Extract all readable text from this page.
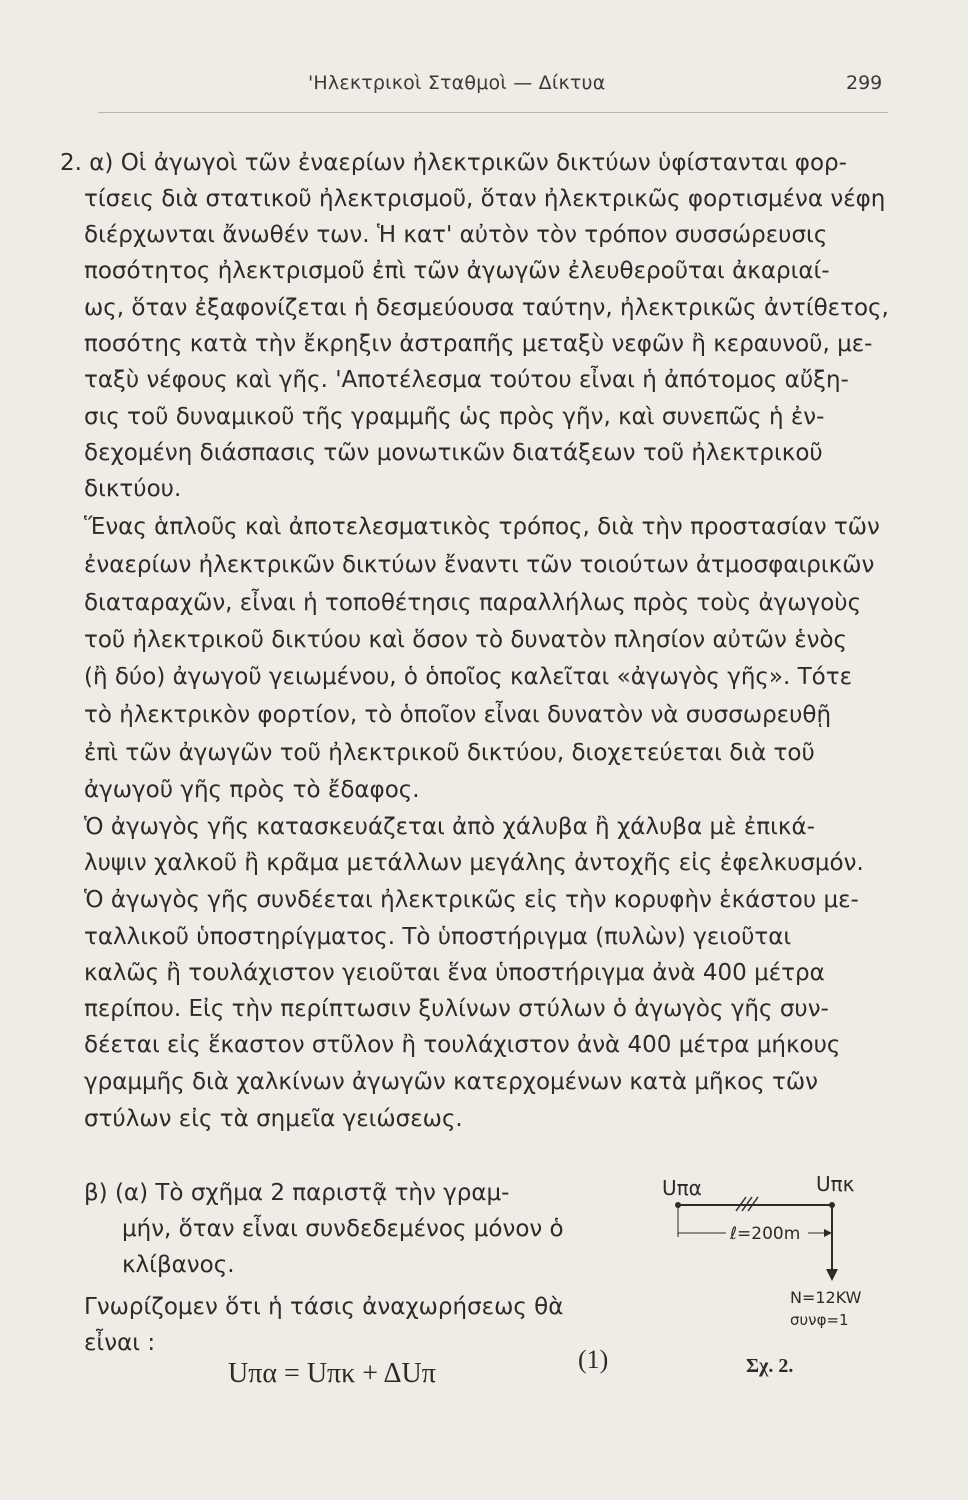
'Ηλεκτρικοὶ Σταθμοὶ — Δίκτυα	299
2. α) Οἱ ἀγωγοὶ τῶν ἐναερίων ἠλεκτρικῶν δικτύων ὑφίστανται φορ-
τίσεις διὰ στατικοῦ ἠλεκτρισμοῦ, ὅταν ἠλεκτρικῶς φορτισμένα νέφη
διέρχωνται ἄνωθέν των. Ἡ κατ' αὐτὸν τὸν τρόπον συσσώρευσις
ποσότητος ἠλεκτρισμοῦ ἐπὶ τῶν ἀγωγῶν ἐλευθεροῦται ἀκαριαί-
ως, ὅταν ἐξαφονίζεται ἡ δεσμεύουσα ταύτην, ἠλεκτρικῶς ἀντίθετος,
ποσότης κατὰ τὴν ἔκρηξιν ἀστραπῆς μεταξὺ νεφῶν ἢ κεραυνοῦ, με-
ταξὺ νέφους καὶ γῆς. 'Αποτέλεσμα τούτου εἶναι ἡ ἀπότομος αὔξη-
σις τοῦ δυναμικοῦ τῆς γραμμῆς ὡς πρὸς γῆν, καὶ συνεπῶς ἡ ἐν-
δεχομένη διάσπασις τῶν μονωτικῶν διατάξεων τοῦ ἠλεκτρικοῦ
δικτύου.
Ἕνας ἁπλοῦς καὶ ἀποτελεσματικὸς τρόπος, διὰ τὴν προστασίαν τῶν
ἐναερίων ἠλεκτρικῶν δικτύων ἔναντι τῶν τοιούτων ἀτμοσφαιρικῶν
διαταραχῶν, εἶναι ἡ τοποθέτησις παραλλήλως πρὸς τοὺς ἀγωγοὺς
τοῦ ἠλεκτρικοῦ δικτύου καὶ ὅσον τὸ δυνατὸν πλησίον αὐτῶν ἑνὸς
(ἢ δύο) ἀγωγοῦ γειωμένου, ὁ ὁποῖος καλεῖται «ἀγωγὸς γῆς». Τότε
τὸ ἠλεκτρικὸν φορτίον, τὸ ὁποῖον εἶναι δυνατὸν νὰ συσσωρευθῇ
ἐπὶ τῶν ἀγωγῶν τοῦ ἠλεκτρικοῦ δικτύου, διοχετεύεται διὰ τοῦ
ἀγωγοῦ γῆς πρὸς τὸ ἔδαφος.
Ὁ ἀγωγὸς γῆς κατασκευάζεται ἀπὸ χάλυβα ἢ χάλυβα μὲ ἐπικά-
λυψιν χαλκοῦ ἢ κρᾶμα μετάλλων μεγάλης ἀντοχῆς εἰς ἐφελκυσμόν.
Ὁ ἀγωγὸς γῆς συνδέεται ἠλεκτρικῶς εἰς τὴν κορυφὴν ἑκάστου με-
ταλλικοῦ ὑποστηρίγματος. Τὸ ὑποστήριγμα (πυλὼν) γειοῦται
καλῶς ἢ τουλάχιστον γειοῦται ἕνα ὑποστήριγμα ἀνὰ 400 μέτρα
περίπου. Εἰς τὴν περίπτωσιν ξυλίνων στύλων ὁ ἀγωγὸς γῆς συν-
δέεται εἰς ἕκαστον στῦλον ἢ τουλάχιστον ἀνὰ 400 μέτρα μήκους
γραμμῆς διὰ χαλκίνων ἀγωγῶν κατερχομένων κατὰ μῆκος τῶν
στύλων εἰς τὰ σημεῖα γειώσεως.
β) (α) Τὸ σχῆμα 2 παριστᾷ τὴν γραμ-
μήν, ὅταν εἶναι συνδεδεμένος μόνον ὁ
κλίβανος.
Γνωρίζομεν ὅτι ἡ τάσις ἀναχωρήσεως θὰ
εἶναι :
Uπα	Uπκ
ℓ=200m
N=12KW
συνφ=1
Uπα = Uπκ + ΔUπ	(1)	Σχ. 2.
